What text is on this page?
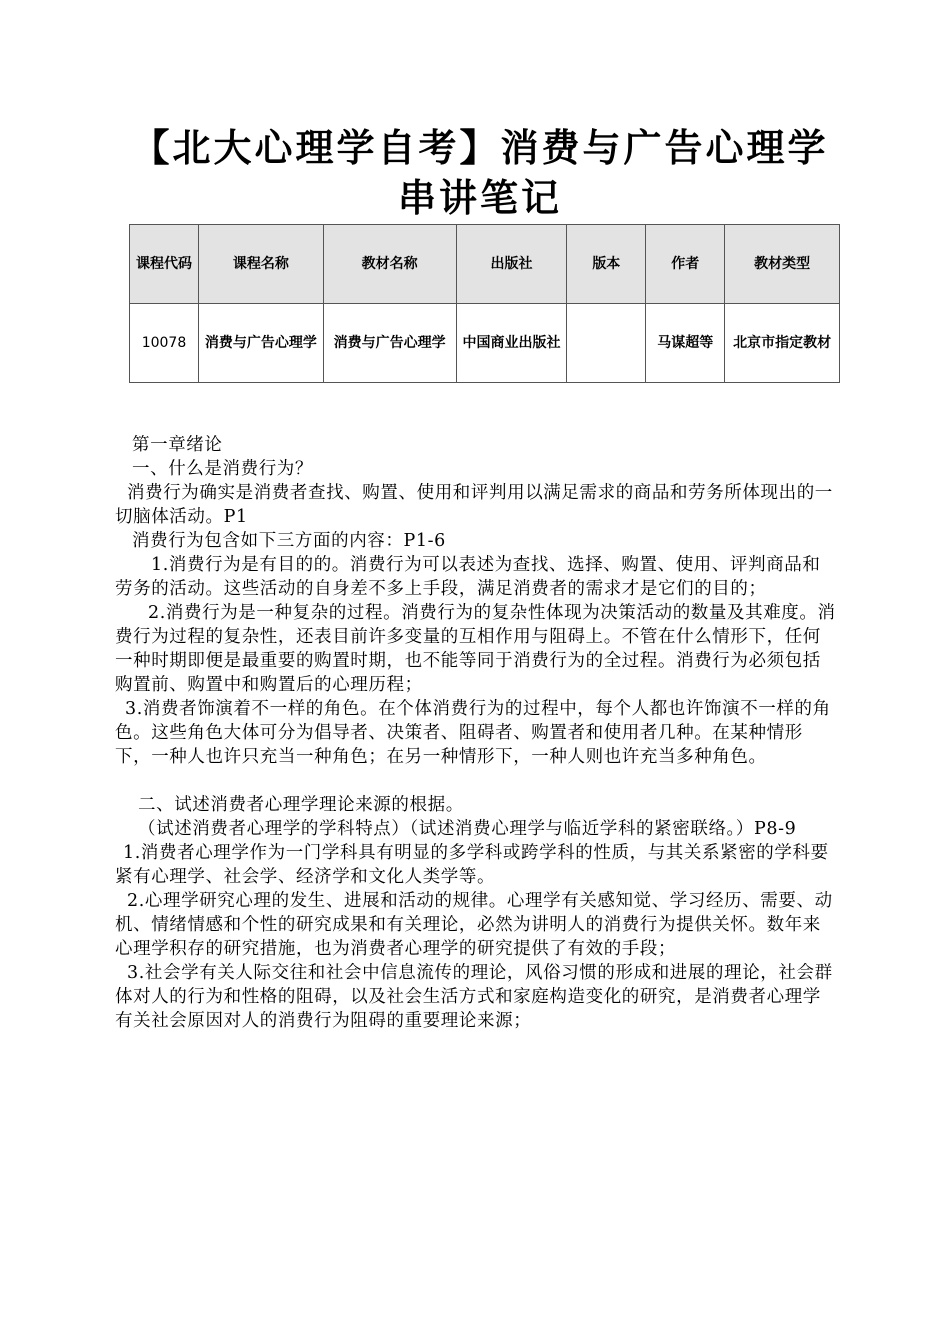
【北大心理学自考】消费与广告心理学
串讲笔记
课程代码	课程名称	教材名称	出版社	版本	作者	教材类型
10078	消费与广告心理学	消费与广告心理学	中国商业出版社		马谋超等	北京市指定教材

第一章绪论

一、什么是消费行为？

消费行为确实是消费者查找、购置、使用和评判用以满足需求的商品和劳务所体现出的一切脑体活动。P1

消费行为包含如下三方面的内容：P1-6

1.消费行为是有目的的。消费行为可以表述为查找、选择、购置、使用、评判商品和劳务的活动。这些活动的自身差不多上手段，满足消费者的需求才是它们的目的；

2.消费行为是一种复杂的过程。消费行为的复杂性体现为决策活动的数量及其难度。消费行为过程的复杂性，还表目前许多变量的互相作用与阻碍上。不管在什么情形下，任何一种时期即便是最重要的购置时期，也不能等同于消费行为的全过程。消费行为必须包括购置前、购置中和购置后的心理历程；

3.消费者饰演着不一样的角色。在个体消费行为的过程中，每个人都也许饰演不一样的角色。这些角色大体可分为倡导者、决策者、阻碍者、购置者和使用者几种。在某种情形下，一种人也许只充当一种角色；在另一种情形下，一种人则也许充当多种角色。

二、试述消费者心理学理论来源的根据。

（试述消费者心理学的学科特点）（试述消费心理学与临近学科的紧密联络。）P8-9

1.消费者心理学作为一门学科具有明显的多学科或跨学科的性质，与其关系紧密的学科要紧有心理学、社会学、经济学和文化人类学等。

2.心理学研究心理的发生、进展和活动的规律。心理学有关感知觉、学习经历、需要、动机、情绪情感和个性的研究成果和有关理论，必然为讲明人的消费行为提供关怀。数年来心理学积存的研究措施，也为消费者心理学的研究提供了有效的手段；

3.社会学有关人际交往和社会中信息流传的理论，风俗习惯的形成和进展的理论，社会群体对人的行为和性格的阻碍，以及社会生活方式和家庭构造变化的研究，是消费者心理学有关社会原因对人的消费行为阻碍的重要理论来源；
